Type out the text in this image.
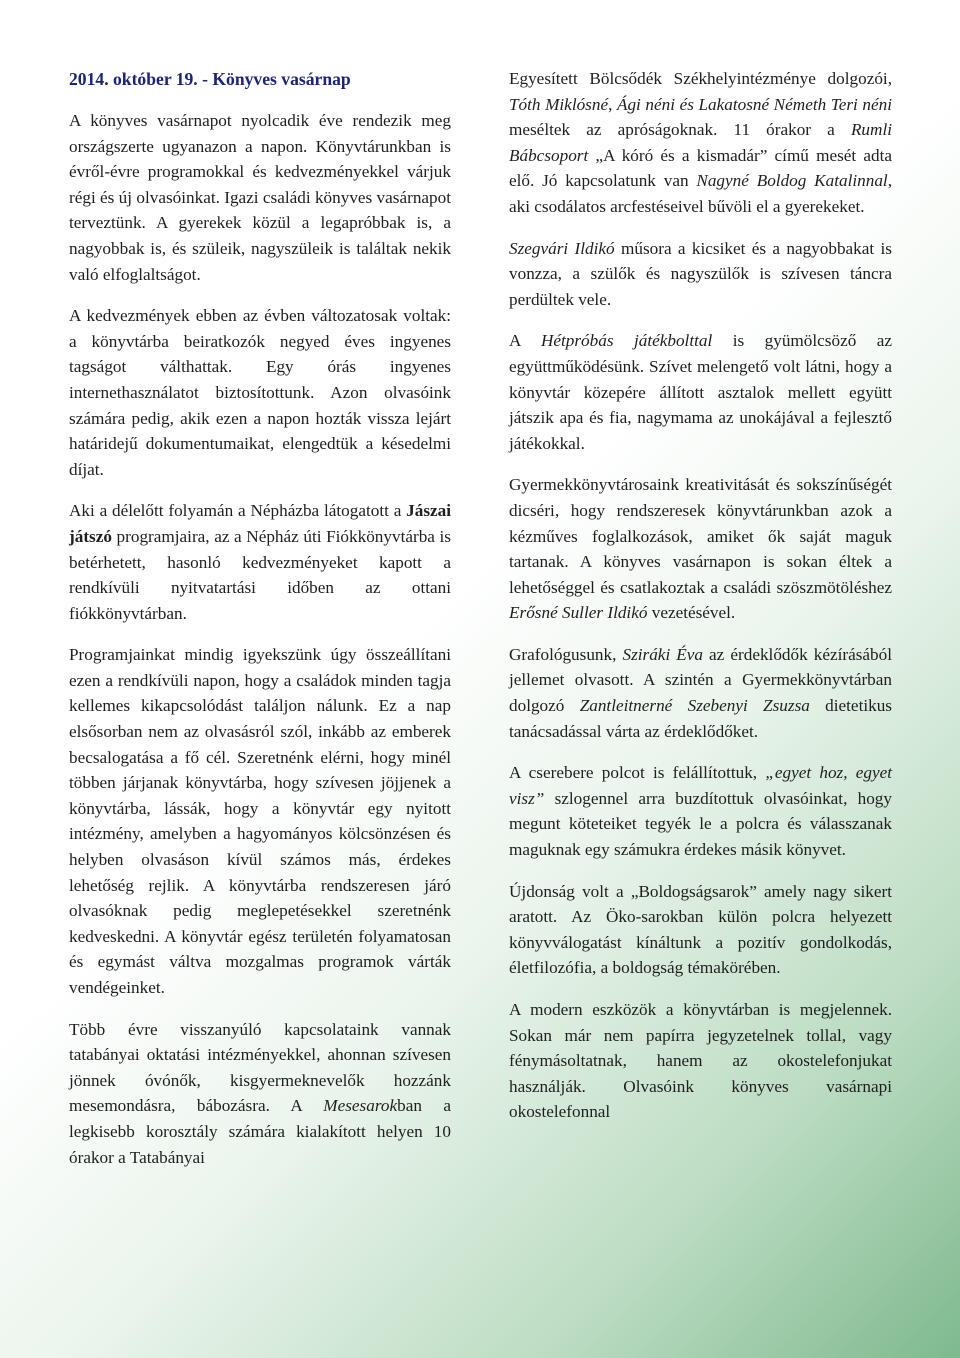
2014. október 19. - Könyves vasárnap

A könyves vasárnapot nyolcadik éve rendezik meg országszerte ugyanazon a napon. Könyvtárunkban is évről-évre programokkal és kedvezményekkel várjuk régi és új olvasóinkat. Igazi családi könyves vasárnapot terveztünk. A gyerekek közül a legapróbbak is, a nagyobbak is, és szüleik, nagyszüleik is találtak nekik való elfoglaltságot.

A kedvezmények ebben az évben változatosak voltak: a könyvtárba beiratkozók negyed éves ingyenes tagságot válthattak. Egy órás ingyenes internethasználatot biztosítottunk. Azon olvasóink számára pedig, akik ezen a napon hozták vissza lejárt határidejű dokumentumaikat, elengedtük a késedelmi díjat.

Aki a délelőtt folyamán a Népházba látogatott a Jászai játszó programjaira, az a Népház úti Fiókkönyvtárba is betérhetett, hasonló kedvezményeket kapott a rendkívüli nyitvatartási időben az ottani fiókkönyvtárban.

Programjainkat mindig igyekszünk úgy összeállítani ezen a rendkívüli napon, hogy a családok minden tagja kellemes kikapcsolódást találjon nálunk. Ez a nap elsősorban nem az olvasásról szól, inkább az emberek becsalogatása a fő cél. Szeretnénk elérni, hogy minél többen járjanak könyvtárba, hogy szívesen jöjjenek a könyvtárba, lássák, hogy a könyvtár egy nyitott intézmény, amelyben a hagyományos kölcsönzésen és helyben olvasáson kívül számos más, érdekes lehetőség rejlik. A könyvtárba rendszeresen járó olvasóknak pedig meglepetésekkel szeretnénk kedveskedni. A könyvtár egész területén folyamatosan és egymást váltva mozgalmas programok várták vendégeinket.

Több évre visszanyúló kapcsolataink vannak tatabányai oktatási intézményekkel, ahonnan szívesen jönnek óvónők, kisgyermeknevelők hozzánk mesemondásra, bábozásra. A Mesesarokban a legkisebb korosztály számára kialakított helyen 10 órakor a Tatabányai

Egyesített Bölcsődék Székhelyintézménye dolgozói, Tóth Miklósné, Ági néni és Lakatosné Németh Teri néni meséltek az apróságoknak. 11 órakor a Rumli Bábcsoport „A kóró és a kismadár” című mesét adta elő. Jó kapcsolatunk van Nagyné Boldog Katalinnal, aki csodálatos arcfestéseivel bűvöli el a gyerekeket.

Szegvári Ildikó műsora a kicsiket és a nagyobbakat is vonzza, a szülők és nagyszülők is szívesen táncra perdültek vele.

A Hétpróbás játékbolttal is gyümölcsöző az együttműködésünk. Szívet melengető volt látni, hogy a könyvtár közepére állított asztalok mellett együtt játszik apa és fia, nagymama az unokájával a fejlesztő játékokkal.

Gyermekkönyvtárosaink kreativitását és sokszínűségét dicséri, hogy rendszeresek könyvtárunkban azok a kézműves foglalkozások, amiket ők saját maguk tartanak. A könyves vasárnapon is sokan éltek a lehetőséggel és csatlakoztak a családi szöszmötöléshez Erősné Suller Ildikó vezetésével.

Grafológusunk, Sziráki Éva az érdeklődők kézírásából jellemet olvasott. A szintén a Gyermekkönyvtárban dolgozó Zantleitnerné Szebenyi Zsuzsa dietetikus tanácsadással várta az érdeklődőket.

A cserebere polcot is felállítottuk, „egyet hoz, egyet visz” szlogennel arra buzdítottuk olvasóinkat, hogy megunt köteteiket tegyék le a polcra és válasszanak maguknak egy számukra érdekes másik könyvet.

Újdonság volt a „Boldogságsarok” amely nagy sikert aratott. Az Öko-sarokban külön polcra helyezett könyvválogatást kínáltunk a pozitív gondolkodás, életfilozófia, a boldogság témakörében.

A modern eszközök a könyvtárban is megjelennek. Sokan már nem papírra jegyzetelnek tollal, vagy fénymásoltatnak, hanem az okostelefonjukat használják. Olvasóink könyves vasárnapi okostelefonnal
